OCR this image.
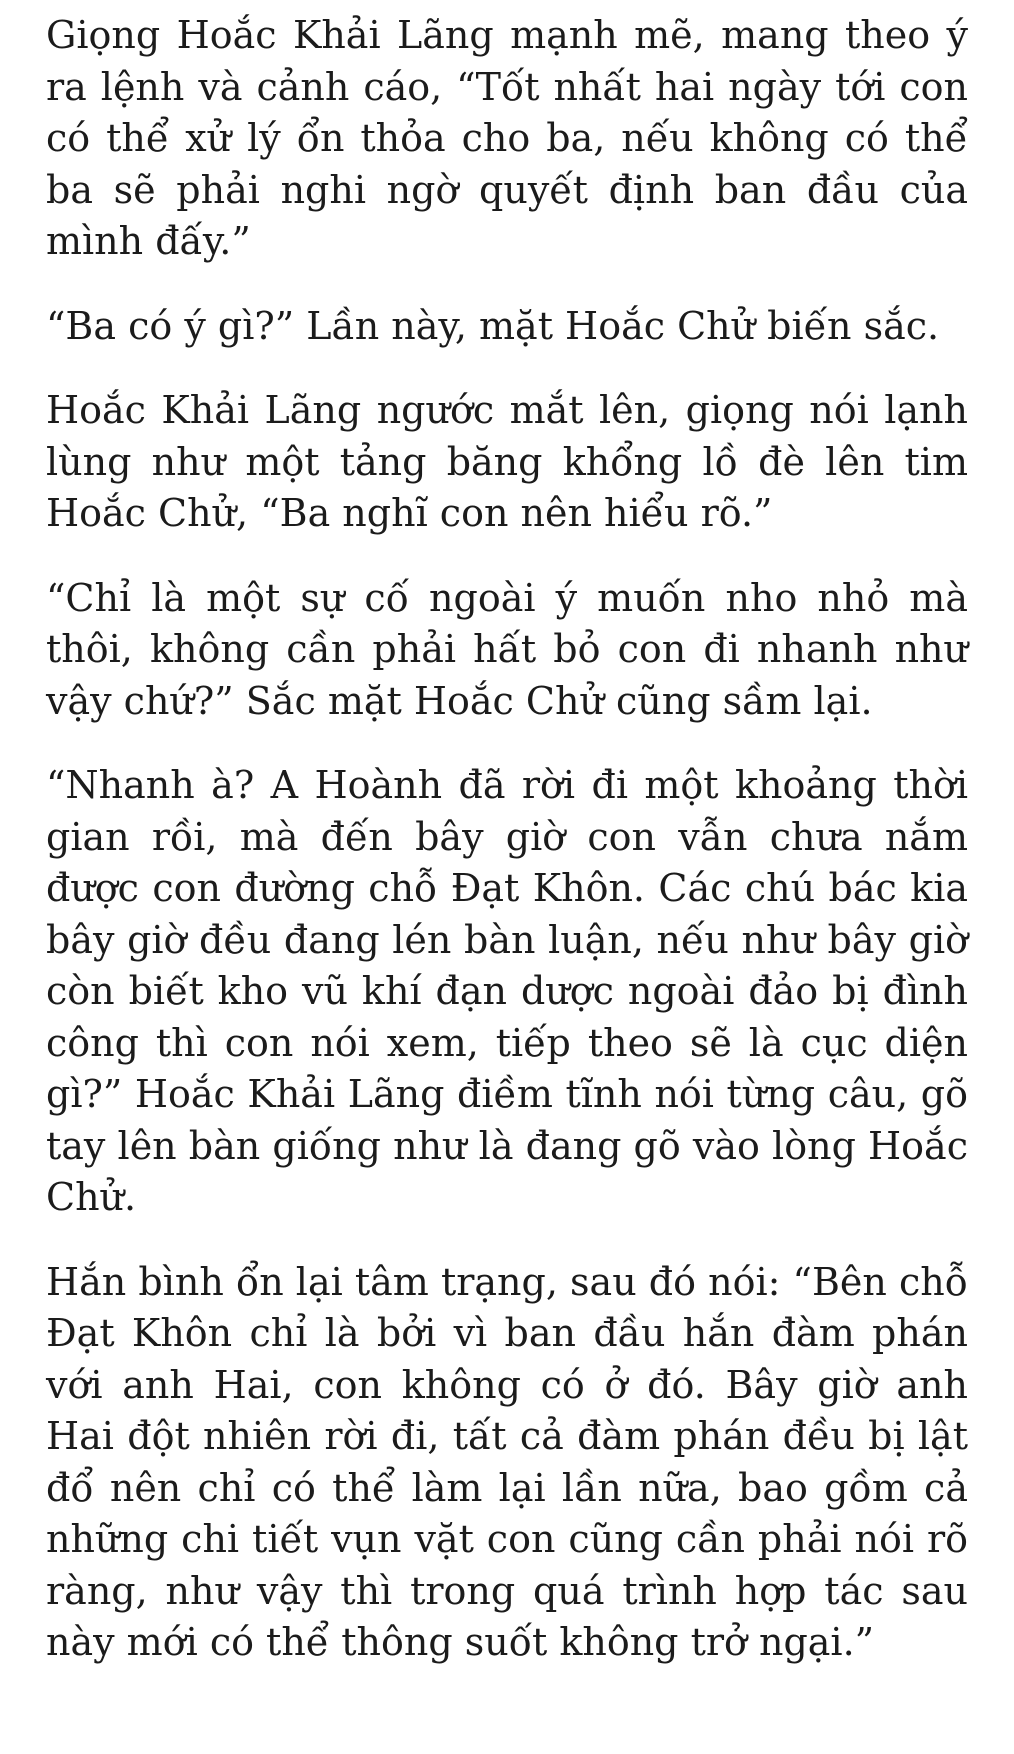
Giọng Hoắc Khải Lãng mạnh mẽ, mang theo ý ra lệnh và cảnh cáo, “Tốt nhất hai ngày tới con có thể xử lý ổn thỏa cho ba, nếu không có thể ba sẽ phải nghi ngờ quyết định ban đầu của mình đấy.”

“Ba có ý gì?” Lần này, mặt Hoắc Chử biến sắc.

Hoắc Khải Lãng ngước mắt lên, giọng nói lạnh lùng như một tảng băng khổng lồ đè lên tim Hoắc Chử, “Ba nghĩ con nên hiểu rõ.”

“Chỉ là một sự cố ngoài ý muốn nho nhỏ mà thôi, không cần phải hất bỏ con đi nhanh như vậy chứ?” Sắc mặt Hoắc Chử cũng sầm lại.

“Nhanh à? A Hoành đã rời đi một khoảng thời gian rồi, mà đến bây giờ con vẫn chưa nắm được con đường chỗ Đạt Khôn. Các chú bác kia bây giờ đều đang lén bàn luận, nếu như bây giờ còn biết kho vũ khí đạn dược ngoài đảo bị đình công thì con nói xem, tiếp theo sẽ là cục diện gì?” Hoắc Khải Lãng điềm tĩnh nói từng câu, gõ tay lên bàn giống như là đang gõ vào lòng Hoắc Chử.

Hắn bình ổn lại tâm trạng, sau đó nói: “Bên chỗ Đạt Khôn chỉ là bởi vì ban đầu hắn đàm phán với anh Hai, con không có ở đó. Bây giờ anh Hai đột nhiên rời đi, tất cả đàm phán đều bị lật đổ nên chỉ có thể làm lại lần nữa, bao gồm cả những chi tiết vụn vặt con cũng cần phải nói rõ ràng, như vậy thì trong quá trình hợp tác sau này mới có thể thông suốt không trở ngại.”
